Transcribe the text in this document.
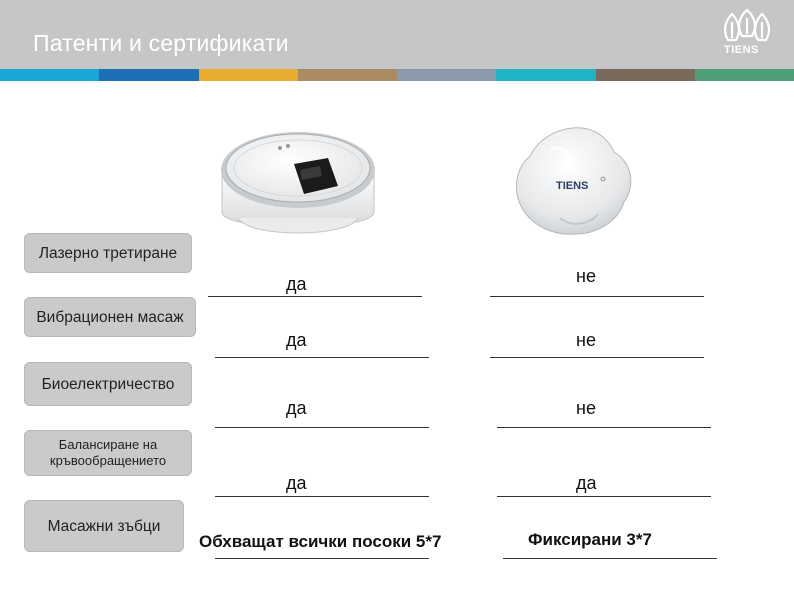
Патенти и сертификати	TIENS
TIENS
Лазерно третиране
Вибрационен масаж
Биоелектричество
Балансиране на кръвообращението
Масажни зъбци
да
да
да
да
Обхващат всички посоки 5*7
не
не
не
да
Фиксирани 3*7
